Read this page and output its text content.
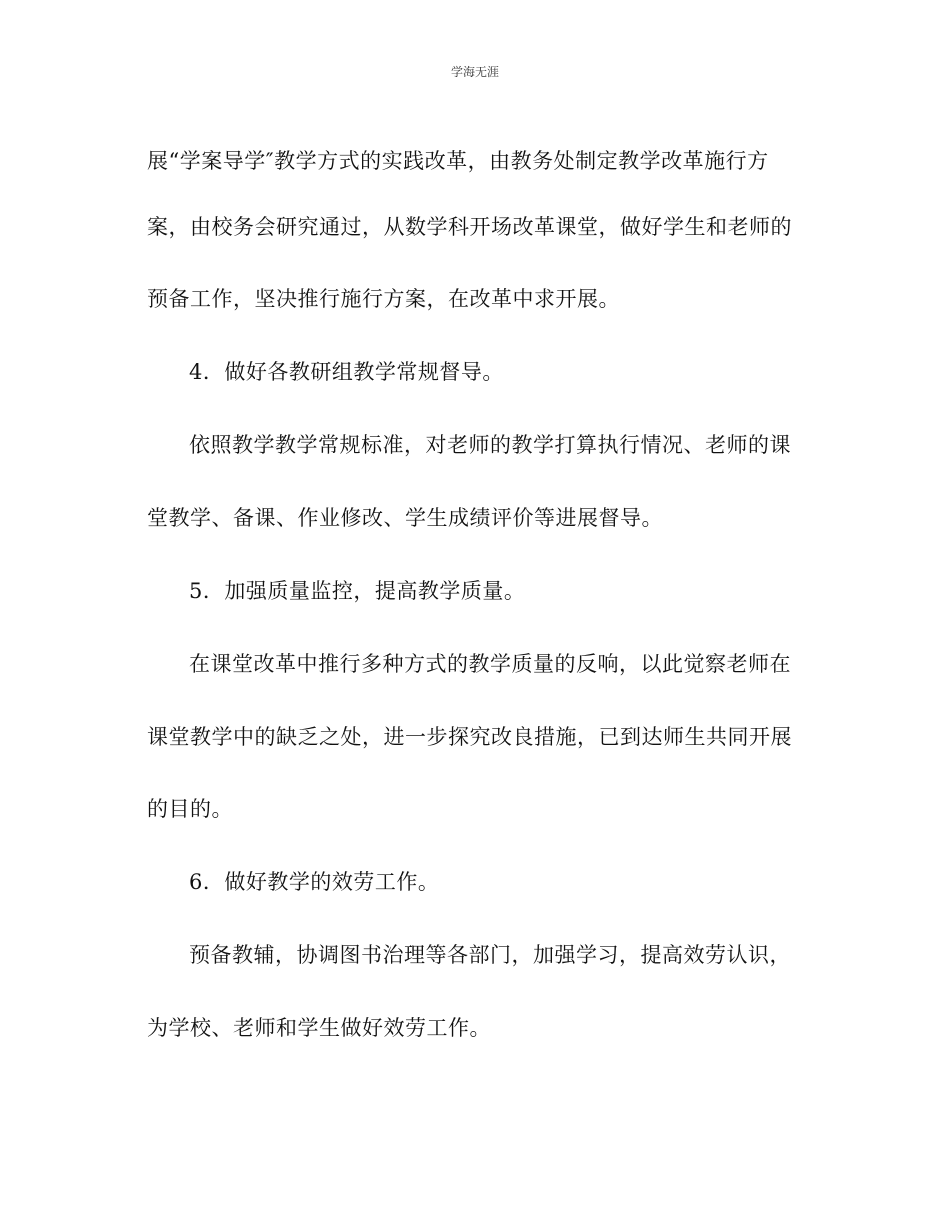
学海无涯
展“学案导学″教学方式的实践改革，由教务处制定教学改革施行方
案，由校务会研究通过，从数学科开场改革课堂，做好学生和老师的
预备工作，坚决推行施行方案，在改革中求开展。
4．做好各教研组教学常规督导。
依照教学教学常规标准，对老师的教学打算执行情况、老师的课
堂教学、备课、作业修改、学生成绩评价等进展督导。
5．加强质量监控，提高教学质量。
在课堂改革中推行多种方式的教学质量的反响，以此觉察老师在
课堂教学中的缺乏之处，进一步探究改良措施，已到达师生共同开展
的目的。
6．做好教学的效劳工作。
预备教辅，协调图书治理等各部门，加强学习，提高效劳认识，
为学校、老师和学生做好效劳工作。
